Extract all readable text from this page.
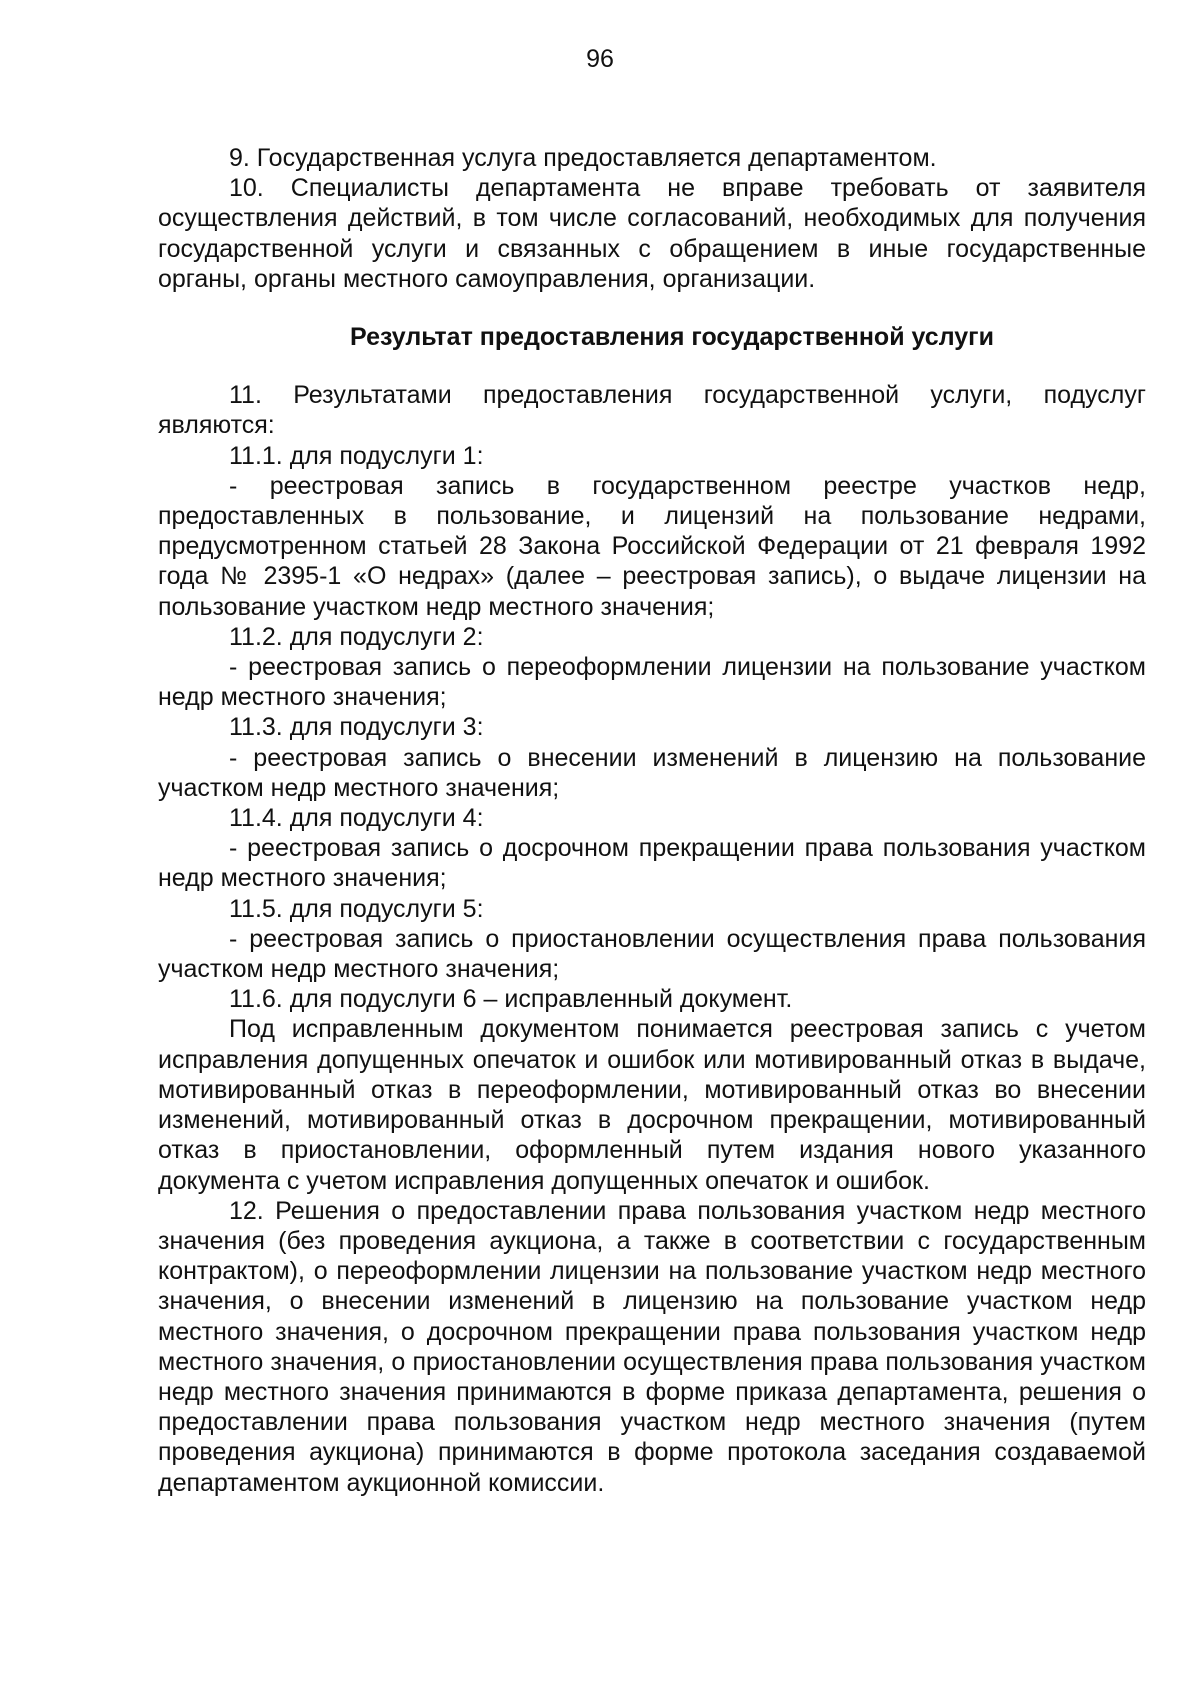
96

9. Государственная услуга предоставляется департаментом.

10. Специалисты департамента не вправе требовать от заявителя осуществления действий, в том числе согласований, необходимых для получения государственной услуги и связанных с обращением в иные государственные органы, органы местного самоуправления, организации.

Результат предоставления государственной услуги

11. Результатами предоставления государственной услуги, подуслуг являются:

11.1. для подуслуги 1:

- реестровая запись в государственном реестре участков недр, предоставленных в пользование, и лицензий на пользование недрами, предусмотренном статьей 28 Закона Российской Федерации от 21 февраля 1992 года № 2395-1 «О недрах» (далее – реестровая запись), о выдаче лицензии на пользование участком недр местного значения;

11.2. для подуслуги 2:

- реестровая запись о переоформлении лицензии на пользование участком недр местного значения;

11.3. для подуслуги 3:

- реестровая запись о внесении изменений в лицензию на пользование участком недр местного значения;

11.4. для подуслуги 4:

- реестровая запись о досрочном прекращении права пользования участком недр местного значения;

11.5. для подуслуги 5:

- реестровая запись о приостановлении осуществления права пользования участком недр местного значения;

11.6. для подуслуги 6 – исправленный документ.

Под исправленным документом понимается реестровая запись с учетом исправления допущенных опечаток и ошибок или мотивированный отказ в выдаче, мотивированный отказ в переоформлении, мотивированный отказ во внесении изменений, мотивированный отказ в досрочном прекращении, мотивированный отказ в приостановлении, оформленный путем издания нового указанного документа с учетом исправления допущенных опечаток и ошибок.

12. Решения о предоставлении права пользования участком недр местного значения (без проведения аукциона, а также в соответствии с государственным контрактом), о переоформлении лицензии на пользование участком недр местного значения, о внесении изменений в лицензию на пользование участком недр местного значения, о досрочном прекращении права пользования участком недр местного значения, о приостановлении осуществления права пользования участком недр местного значения принимаются в форме приказа департамента, решения о предоставлении права пользования участком недр местного значения (путем проведения аукциона) принимаются в форме протокола заседания создаваемой департаментом аукционной комиссии.
